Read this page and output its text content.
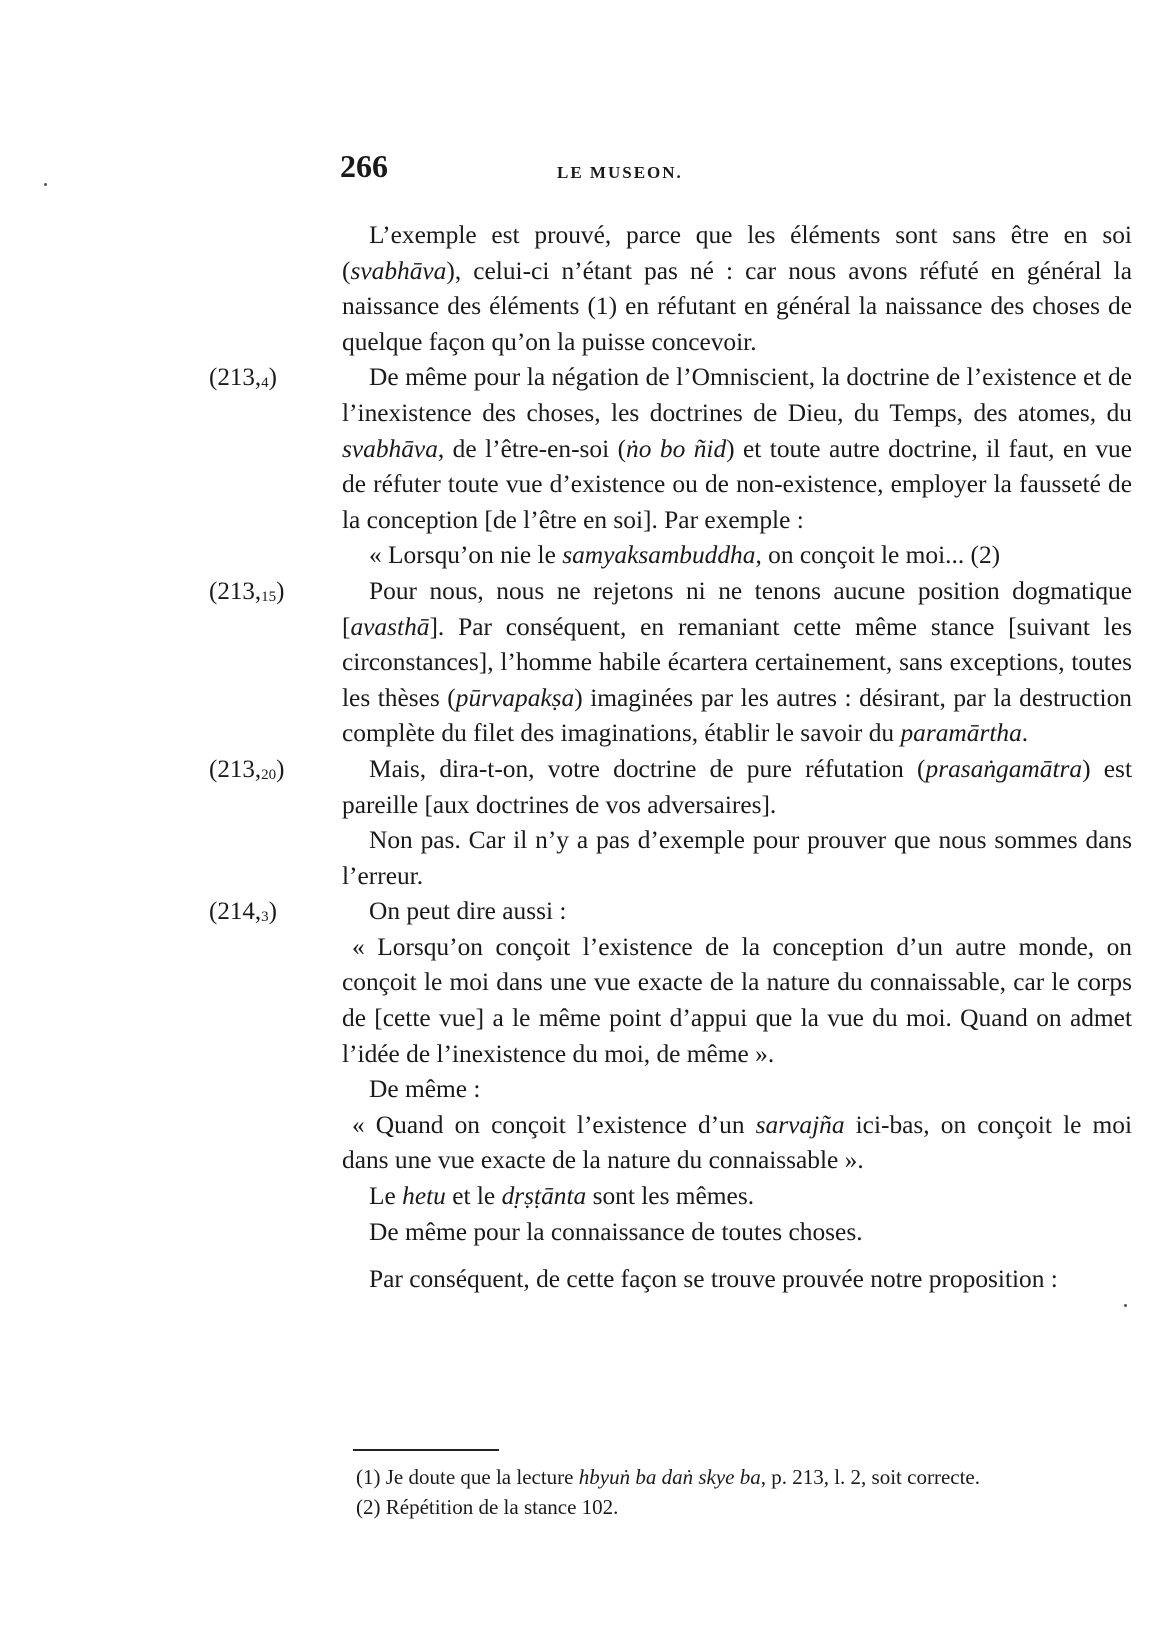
266	LE MUSEON.

L’exemple est prouvé, parce que les éléments sont sans être en soi (svabhāva), celui-ci n’étant pas né : car nous avons réfuté en général la naissance des éléments (1) en réfutant en général la naissance des choses de quelque façon qu’on la puisse concevoir.

$(213,_4)$	De même pour la négation de l’Omniscient, la doctrine de l’existence et de l’inexistence des choses, les doctrines de Dieu, du Temps, des atomes, du svabhāva, de l’être-en-soi (ṅo bo ñid) et toute autre doctrine, il faut, en vue de réfuter toute vue d’existence ou de non-existence, employer la fausseté de la conception [de l’être en soi]. Par exemple :

« Lorsqu’on nie le samyaksambuddha, on conçoit le moi... (2)

$(213,_{15})$	Pour nous, nous ne rejetons ni ne tenons aucune position dogmatique [avasthā]. Par conséquent, en remaniant cette même stance [suivant les circonstances], l’homme habile écartera certainement, sans exceptions, toutes les thèses (pūrvapakṣa) imaginées par les autres : désirant, par la destruction complète du filet des imaginations, établir le savoir du paramārtha.

$(213,_{20})$	Mais, dira-t-on, votre doctrine de pure réfutation (prasaṅgamātra) est pareille [aux doctrines de vos adversaires].

Non pas. Car il n’y a pas d’exemple pour prouver que nous sommes dans l’erreur.

$(214,_3)$	On peut dire aussi :

« Lorsqu’on conçoit l’existence de la conception d’un autre monde, on conçoit le moi dans une vue exacte de la nature du connaissable, car le corps de [cette vue] a le même point d’appui que la vue du moi. Quand on admet l’idée de l’inexistence du moi, de même ».

De même :

« Quand on conçoit l’existence d’un sarvajña ici-bas, on conçoit le moi dans une vue exacte de la nature du connaissable ».

Le hetu et le dṛṣṭānta sont les mêmes.

De même pour la connaissance de toutes choses.

Par conséquent, de cette façon se trouve prouvée notre proposition :

(1) Je doute que la lecture hbyuṅ ba daṅ skye ba, p. 213, l. 2, soit correcte.

(2) Répétition de la stance 102.
